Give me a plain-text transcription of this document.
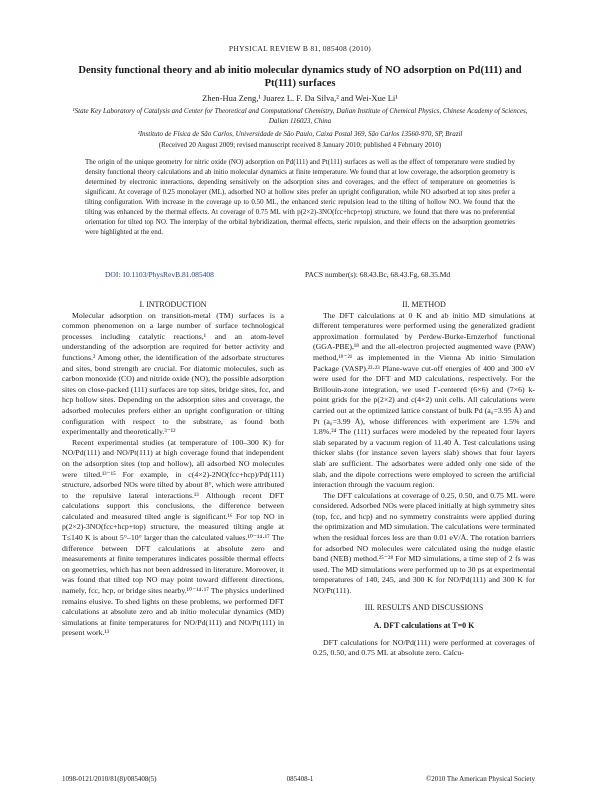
PHYSICAL REVIEW B 81, 085408 (2010)
Density functional theory and ab initio molecular dynamics study of NO adsorption on Pd(111) and Pt(111) surfaces
Zhen-Hua Zeng,¹ Juarez L. F. Da Silva,² and Wei-Xue Li¹
¹State Key Laboratory of Catalysis and Center for Theoretical and Computational Chemistry, Dalian Institute of Chemical Physics, Chinese Academy of Sciences, Dalian 116023, China
²Instituto de Física de São Carlos, Universidade de São Paulo, Caixa Postal 369, São Carlos 13560-970, SP, Brazil
(Received 20 August 2009; revised manuscript received 8 January 2010; published 4 February 2010)

The origin of the unique geometry for nitric oxide (NO) adsorption on Pd(111) and Pt(111) surfaces as well as the effect of temperature were studied by density functional theory calculations and ab initio molecular dynamics at finite temperature. We found that at low coverage, the adsorption geometry is determined by electronic interactions, depending sensitively on the adsorption sites and coverages, and the effect of temperature on geometries is significant. At coverage of 0.25 monolayer (ML), adsorbed NO at hollow sites prefer an upright configuration, while NO adsorbed at top sites prefer a tilting configuration. With increase in the coverage up to 0.50 ML, the enhanced steric repulsion lead to the tilting of hollow NO. We found that the tilting was enhanced by the thermal effects. At coverage of 0.75 ML with p(2×2)-3NO(fcc+hcp+top) structure, we found that there was no preferential orientation for tilted top NO. The interplay of the orbital hybridization, thermal effects, steric repulsion, and their effects on the adsorption geometries were highlighted at the end.

DOI: 10.1103/PhysRevB.81.085408	PACS number(s): 68.43.Bc, 68.43.Fg, 68.35.Md

I. INTRODUCTION

Molecular adsorption on transition-metal (TM) surfaces is a common phenomenon on a large number of surface technological processes including catalytic reactions,¹ and an atom-level understanding of the adsorption are required for better activity and functions.² Among other, the identification of the adsorbate structures and sites, bond strength are crucial. For diatomic molecules, such as carbon monoxide (CO) and nitride oxide (NO), the possible adsorption sites on close-packed (111) surfaces are top sites, bridge sites, fcc, and hcp hollow sites. Depending on the adsorption sites and coverage, the adsorbed molecules prefers either an upright configuration or tilting configuration with respect to the substrate, as found both experimentally and theoretically.³⁻¹²

Recent experimental studies (at temperature of 100–300 K) for NO/Pd(111) and NO/Pt(111) at high coverage found that independent on the adsorption sites (top and hollow), all adsorbed NO molecules were tilted.¹³⁻¹⁵ For example, in c(4×2)-2NO(fcc+hcp)/Pd(111) structure, adsorbed NOs were tilted by about 8°, which were attributed to the repulsive lateral interactions.¹³ Although recent DFT calculations support this conclusions, the difference between calculated and measured tilted angle is significant.¹⁶ For top NO in p(2×2)-3NO(fcc+hcp+top) structure, the measured tilting angle at T≤140 K is about 5°–10° larger than the calculated values.¹⁰⁻¹⁴·¹⁷ The difference between DFT calculations at absolute zero and measurements at finite temperatures indicates possible thermal effects on geometries, which has not been addressed in literature. Moreover, it was found that tilted top NO may point toward different directions, namely, fcc, hcp, or bridge sites nearby.¹⁰⁻¹⁴·¹⁷ The physics underlined remains elusive. To shed lights on these problems, we performed DFT calculations at absolute zero and ab initio molecular dynamics (MD) simulations at finite temperatures for NO/Pd(111) and NO/Pt(111) in present work.¹³

II. METHOD

The DFT calculations at 0 K and ab initio MD simulations at different temperatures were performed using the generalized gradient approximation formulated by Perdew-Burke-Ernzerhof functional (GGA-PBE),¹⁸ and the all-electron projected augmented wave (PAW) method,¹⁹⁻²¹ as implemented in the Vienna Ab initio Simulation Package (VASP).²²·²³ Plane-wave cut-off energies of 400 and 300 eV were used for the DFT and MD calculations, respectively. For the Brillouin-zone integration, we used Γ-centered (6×6) and (7×6) k-point grids for the p(2×2) and c(4×2) unit cells. All calculations were carried out at the optimized lattice constant of bulk Pd (a₀=3.95 Å) and Pt (a₀=3.99 Å), whose differences with experiment are 1.5% and 1.8%.²⁴ The (111) surfaces were modeled by the repeated four layers slab separated by a vacuum region of 11.40 Å. Test calculations using thicker slabs (for instance seven layers slab) shows that four layers slab are sufficient. The adsorbates were added only one side of the slab, and the dipole corrections were employed to screen the artificial interaction through the vacuum region.

The DFT calculations at coverage of 0.25, 0.50, and 0.75 ML were considered. Adsorbed NOs were placed initially at high symmetry sites (top, fcc, and hcp) and no symmetry constraints were applied during the optimization and MD simulation. The calculations were terminated when the residual forces less are than 0.01 eV/Å. The rotation barriers for adsorbed NO molecules were calculated using the nudge elastic band (NEB) method.²⁵⁻²⁸ For MD simulations, a time step of 2 fs was used. The MD simulations were performed up to 30 ps at experimental temperatures of 140, 245, and 300 K for NO/Pd(111) and 300 K for NO/Pt(111).

III. RESULTS AND DISCUSSIONS

A. DFT calculations at T=0 K

DFT calculations for NO/Pd(111) were performed at coverages of 0.25, 0.50, and 0.75 ML at absolute zero. Calcu-

1098-0121/2010/81(8)/085408(5)	085408-1	©2010 The American Physical Society
